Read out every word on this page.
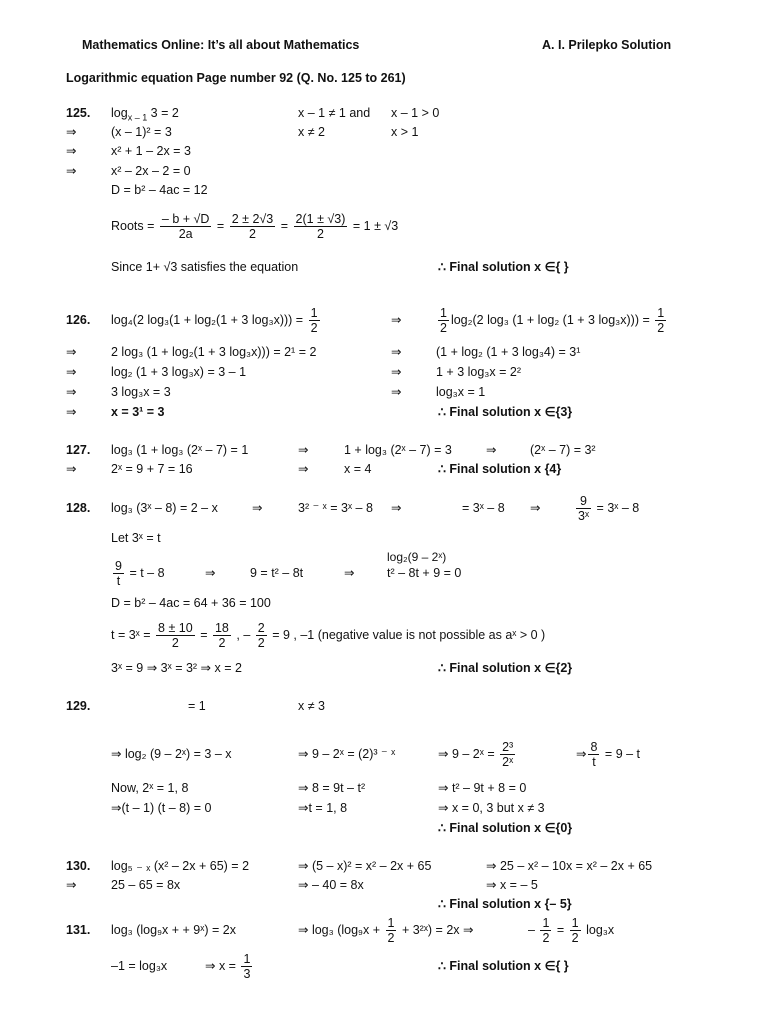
Mathematics Online: It’s all about Mathematics	A. I. Prilepko Solution
Logarithmic equation Page number 92 (Q. No. 125 to 261)
125. $\log_{x - 1} 3 = 2$	x – 1 ≠ 1 and x – 1 > 0
⇒	(x – 1)² = 3	x ≠ 2	x > 1
⇒	x² + 1 – 2x = 3
⇒	x² – 2x – 2 = 0
D = b² – 4ac = 12
Roots = $\frac{- b + √D}{2a} = \frac{2 \pm 2√3}{2} = \frac{2(1 \pm √3)}{2} = 1 \pm √3$
Since 1+ √3 satisfies the equation	∴ Final solution x ∈{ }
126. log₄(2 log₃(1 + log₂(1 + 3 $\log_3x))) = \frac{1}{2}$	⇒	$\frac{1}{2} \log_2(2$ log₃ (1 + log₂ (1 + 3 $\log_3x))) = \frac{1}{2}$
⇒	2 log₃ (1 + log₂(1 + 3 log₃x))) = 2¹ = 2	⇒	(1 + log₂ (1 + 3 log₃4) = 3¹
⇒	log₂ (1 + 3 log₃x) = 3 – 1	⇒	1 + 3 log₃x = 2²
⇒	3 log₃x = 3	⇒	log₃x = 1
⇒	x = 3¹ = 3	∴ Final solution x ∈{3}
127. log₃ (1 + log₃ (2ˣ – 7) = 1	⇒	1 + log₃ (2ˣ – 7) = 3	⇒	(2ˣ – 7) = 3²
⇒	2ˣ = 9 + 7 = 16	⇒	x = 4	∴ Final solution x {4}
128. log₃ (3ˣ – 8) = 2 – x	⇒	3² ⁻ ˣ = 3ˣ – 8 ⇒	= 3ˣ – 8 ⇒	$\frac{9}{\text{3ˣ}}$ = 3ˣ – 8
Let 3ˣ = t
$\frac{9}{t} = t - 8$	⇒	9 = t² – 8t	⇒
log₂(9 – 2ˣ)
t² – 8t + 9 = 0
D = b² – 4ac = 64 + 36 = 100
t = 3ˣ = $\frac{8 \pm 10}{2} = \frac{18}{2}$ , – $\frac{2}{2} = 9$ , –1 (negative value is not possible as aˣ > 0 )
3ˣ = 9 ⇒ 3ˣ = 3² ⇒ x = 2	∴ Final solution x ∈{2}
129.	= 1	x ≠ 3
⇒ log₂ (9 – 2ˣ) = 3 – x	⇒ 9 – 2ˣ = (2)³ ⁻ ˣ	⇒ 9 – 2ˣ = $\frac{\text{2³}}{\text{2ˣ}}$	⇒ $\frac{8}{t} = 9 - t$
Now, 2ˣ = 1, 8	⇒ 8 = 9t – t²	⇒ t² – 9t + 8 = 0
⇒(t – 1) (t – 8) = 0	⇒t = 1, 8	⇒ x = 0, 3 but x ≠ 3
∴ Final solution x ∈{0}
130. log₅ ₋ ₓ (x² – 2x + 65) = 2	⇒ (5 – x)² = x² – 2x + 65	⇒ 25 – x² – 10x = x² – 2x + 65
⇒	25 – 65 = 8x	⇒ – 40 = 8x	⇒ x = – 5
∴ Final solution x {– 5}
131. log₃ (log₉x + + 9ˣ) = 2x	⇒ log₃ ($\log_9x + \frac{1}{2}$ + 3²ˣ) = 2x ⇒	– $\frac{1}{2} = \frac{1}{2} \log_3x$
–1 = log₃x	⇒ $x = \frac{1}{3}$	∴ Final solution x ∈{ }
